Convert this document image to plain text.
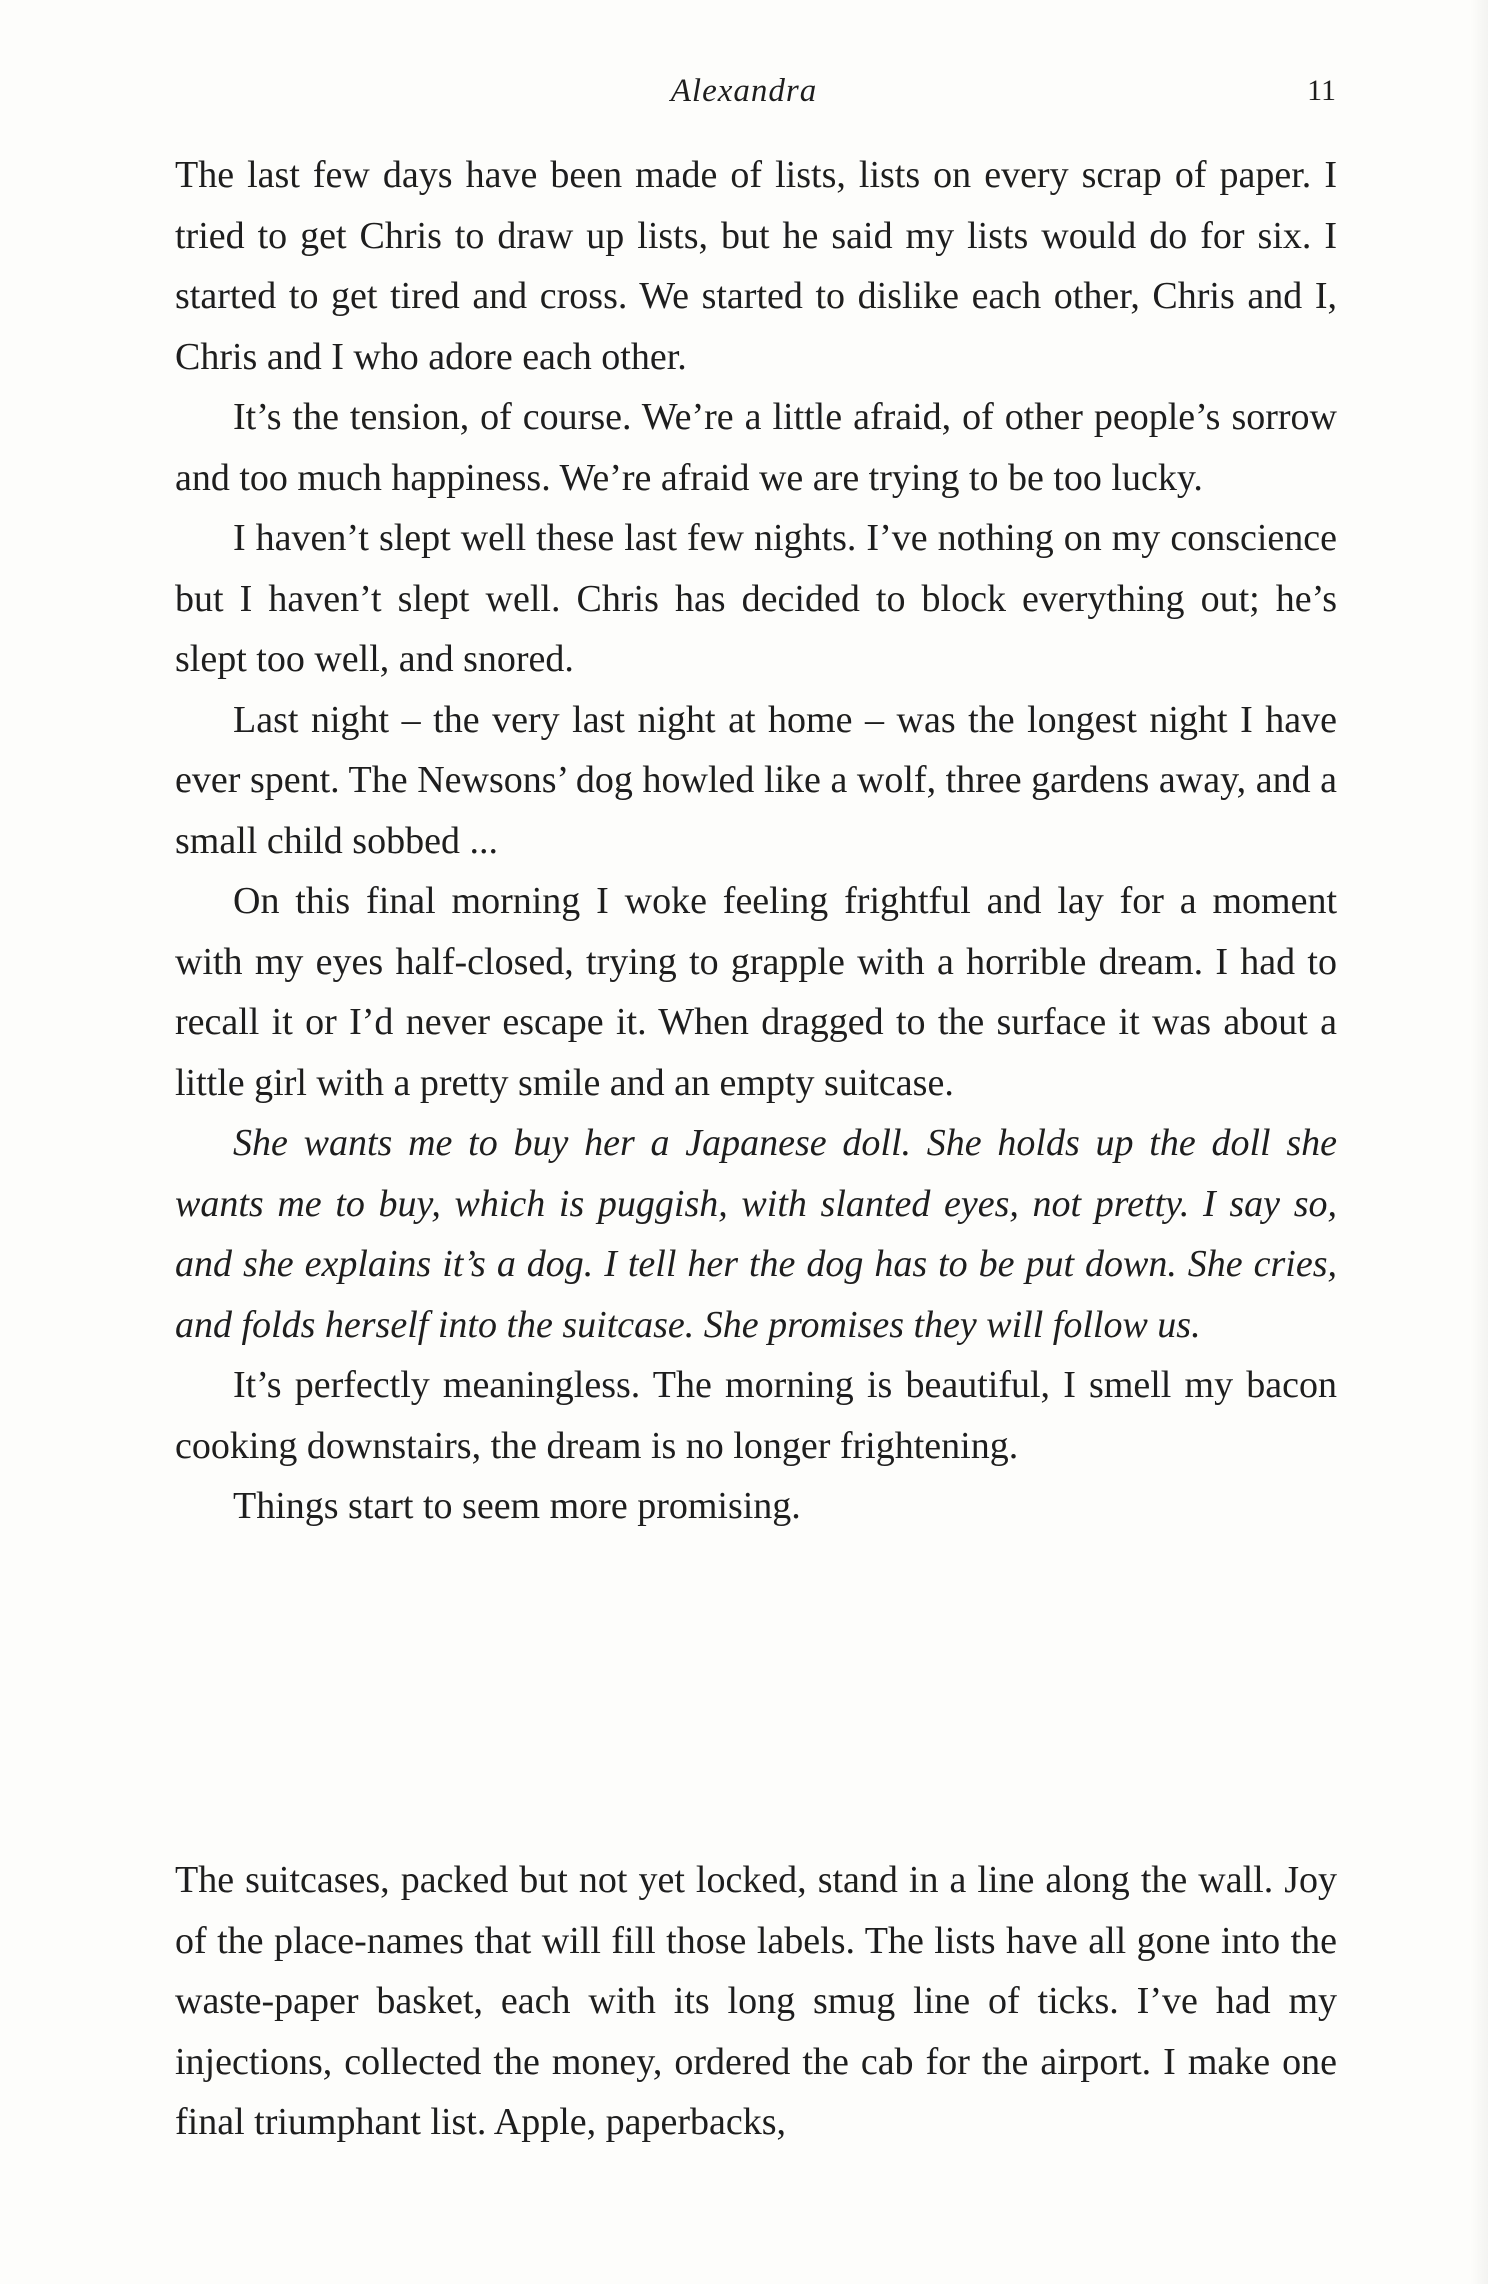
Alexandra	11

The last few days have been made of lists, lists on every scrap of paper. I tried to get Chris to draw up lists, but he said my lists would do for six. I started to get tired and cross. We started to dislike each other, Chris and I, Chris and I who adore each other.

It’s the tension, of course. We’re a little afraid, of other people’s sorrow and too much happiness. We’re afraid we are trying to be too lucky.

I haven’t slept well these last few nights. I’ve nothing on my conscience but I haven’t slept well. Chris has decided to block everything out; he’s slept too well, and snored.

Last night – the very last night at home – was the longest night I have ever spent. The Newsons’ dog howled like a wolf, three gardens away, and a small child sobbed ...

On this final morning I woke feeling frightful and lay for a moment with my eyes half-closed, trying to grapple with a horrible dream. I had to recall it or I’d never escape it. When dragged to the surface it was about a little girl with a pretty smile and an empty suitcase.

She wants me to buy her a Japanese doll. She holds up the doll she wants me to buy, which is puggish, with slanted eyes, not pretty. I say so, and she explains it’s a dog. I tell her the dog has to be put down. She cries, and folds herself into the suitcase. She promises they will follow us.

It’s perfectly meaningless. The morning is beautiful, I smell my bacon cooking downstairs, the dream is no longer frightening.

Things start to seem more promising.

The suitcases, packed but not yet locked, stand in a line along the wall. Joy of the place-names that will fill those labels. The lists have all gone into the waste-paper basket, each with its long smug line of ticks. I’ve had my injections, collected the money, ordered the cab for the airport. I make one final triumphant list. Apple, paperbacks,
